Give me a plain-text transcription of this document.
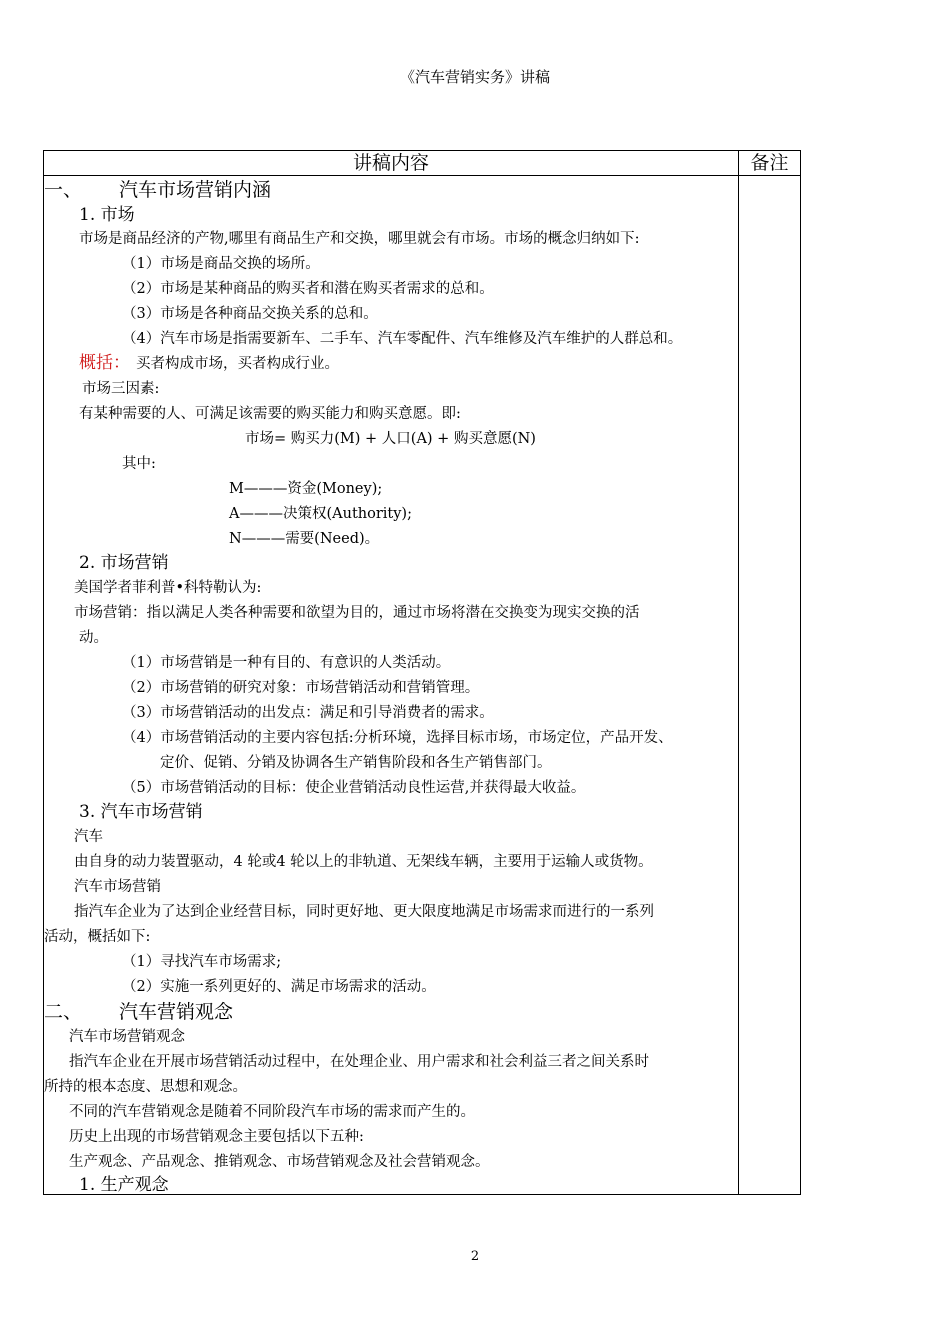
《汽车营销实务》讲稿
讲稿内容	备注
一、 汽车市场营销内涵
1. 市场
市场是商品经济的产物,哪里有商品生产和交换，哪里就会有市场。市场的概念归纳如下:
（1）市场是商品交换的场所。
（2）市场是某种商品的购买者和潜在购买者需求的总和。
（3）市场是各种商品交换关系的总和。
（4）汽车市场是指需要新车、二手车、汽车零配件、汽车维修及汽车维护的人群总和。
概括： 买者构成市场，买者构成行业。
市场三因素:
有某种需要的人、可满足该需要的购买能力和购买意愿。即:
市场= 购买力(M) + 人口(A) + 购买意愿(N)
其中:
M———资金(Money);
A———决策权(Authority);
N———需要(Need)。
2. 市场营销
美国学者菲利普•科特勒认为:
市场营销：指以满足人类各种需要和欲望为目的，通过市场将潜在交换变为现实交换的活
动。
（1）市场营销是一种有目的、有意识的人类活动。
（2）市场营销的研究对象：市场营销活动和营销管理。
（3）市场营销活动的出发点：满足和引导消费者的需求。
（4）市场营销活动的主要内容包括:分析环境，选择目标市场，市场定位，产品开发、
定价、促销、分销及协调各生产销售阶段和各生产销售部门。
（5）市场营销活动的目标：使企业营销活动良性运营,并获得最大收益。
3. 汽车市场营销
汽车
由自身的动力装置驱动，4 轮或4 轮以上的非轨道、无架线车辆，主要用于运输人或货物。
汽车市场营销
指汽车企业为了达到企业经营目标，同时更好地、更大限度地满足市场需求而进行的一系列
活动，概括如下:
（1）寻找汽车市场需求;
（2）实施一系列更好的、满足市场需求的活动。
二、 汽车营销观念
汽车市场营销观念
指汽车企业在开展市场营销活动过程中，在处理企业、用户需求和社会利益三者之间关系时
所持的根本态度、思想和观念。
不同的汽车营销观念是随着不同阶段汽车市场的需求而产生的。
历史上出现的市场营销观念主要包括以下五种:
生产观念、产品观念、推销观念、市场营销观念及社会营销观念。
1. 生产观念
2
